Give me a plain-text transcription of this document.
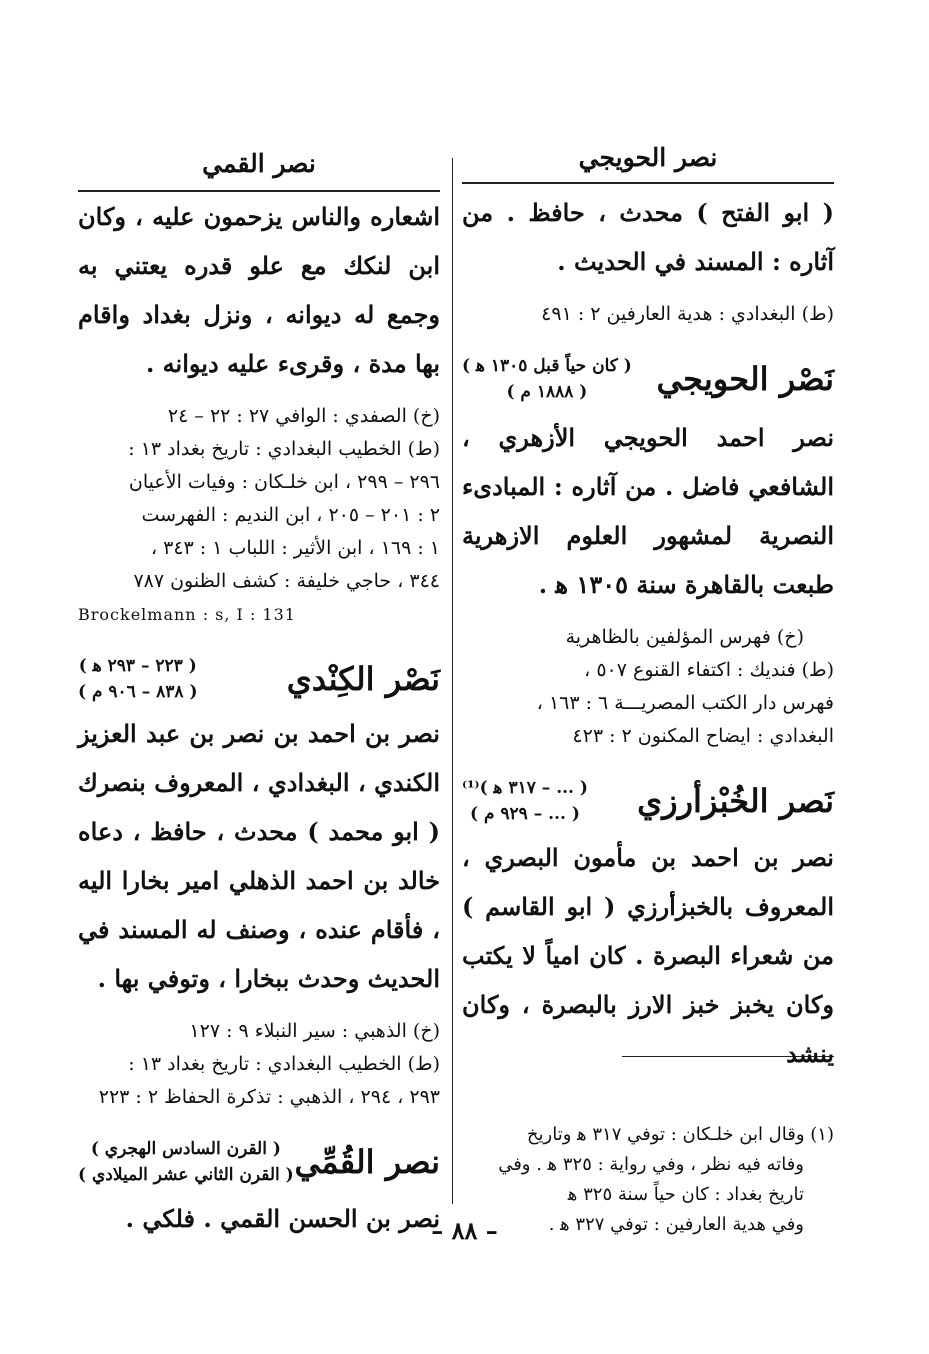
نصر الحويجي

( ابو الفتح ) محدث ، حافظ . من آثاره : المسند في الحديث .

(ط) البغدادي : هدية العارفين ٢ : ٤٩١

نَصْر الحويجي
( كان حياً قبل ١٣٠٥ ﻫ )
( ١٨٨٨ م )

نصر احمد الحويجي الأزهري ، الشافعي فاضل . من آثاره : المبادىء النصرية لمشهور العلوم الازهرية طبعت بالقاهرة سنة ١٣٠٥ ﻫ .

(خ) فهرس المؤلفين بالظاهرية

(ط) فنديك : اكتفاء القنوع ٥٠٧ ،

فهرس دار الكتب المصريـــة ٦ : ١٦٣ ،

البغدادي : ايضاح المكنون ٢ : ٤٢٣

نَصر الخُبْزأرزي
( ... – ٣١٧ ﻫ )⁽¹⁾
( ... – ٩٢٩ م )

نصر بن احمد بن مأمون البصري ، المعروف بالخبزأرزي ( ابو القاسم ) من شعراء البصرة . كان امياً لا يكتب وكان يخبز خبز الارز بالبصرة ، وكان ينشد

(١) وقال ابن خلـكان : توفي ٣١٧ ﻫ وتاريخ

وفاته فيه نظر ، وفي رواية : ٣٢٥ ﻫ . وفي

تاريخ بغداد : كان حياً سنة ٣٢٥ ﻫ

وفي هدية العارفين : توفي ٣٢٧ ﻫ .

نصر القمي

اشعاره والناس يزحمون عليه ، وكان ابن لنكك مع علو قدره يعتني به وجمع له ديوانه ، ونزل بغداد واقام بها مدة ، وقرىء عليه ديوانه .

(خ) الصفدي : الوافي ٢٧ : ٢٢ – ٢٤

(ط) الخطيب البغدادي : تاريخ بغداد ١٣ :

٢٩٦ – ٢٩٩ ، ابن خلـكان : وفيات الأعيان

٢ : ٢٠١ – ٢٠٥ ، ابن النديم : الفهرست

١ : ١٦٩ ، ابن الأثير : اللباب ١ : ٣٤٣ ،

٣٤٤ ، حاجي خليفة : كشف الظنون ٧٨٧

Brockelmann : s, I : 131

نَصْر الكِنْدي
( ٢٢٣ – ٢٩٣ ﻫ )
( ٨٣٨ – ٩٠٦ م )

نصر بن احمد بن نصر بن عبد العزيز الكندي ، البغدادي ، المعروف بنصرك ( ابو محمد ) محدث ، حافظ ، دعاه خالد بن احمد الذهلي امير بخارا اليه ، فأقام عنده ، وصنف له المسند في الحديث وحدث ببخارا ، وتوفي بها .

(خ) الذهبي : سير النبلاء ٩ : ١٢٧

(ط) الخطيب البغدادي : تاريخ بغداد ١٣ :

٢٩٣ ، ٢٩٤ ، الذهبي : تذكرة الحفاظ ٢ : ٢٢٣

نصر القُمِّي
( القرن السادس الهجري )
( القرن الثاني عشر الميلادي )

نصر بن الحسن القمي . فلكي .

– ٨٨ –
